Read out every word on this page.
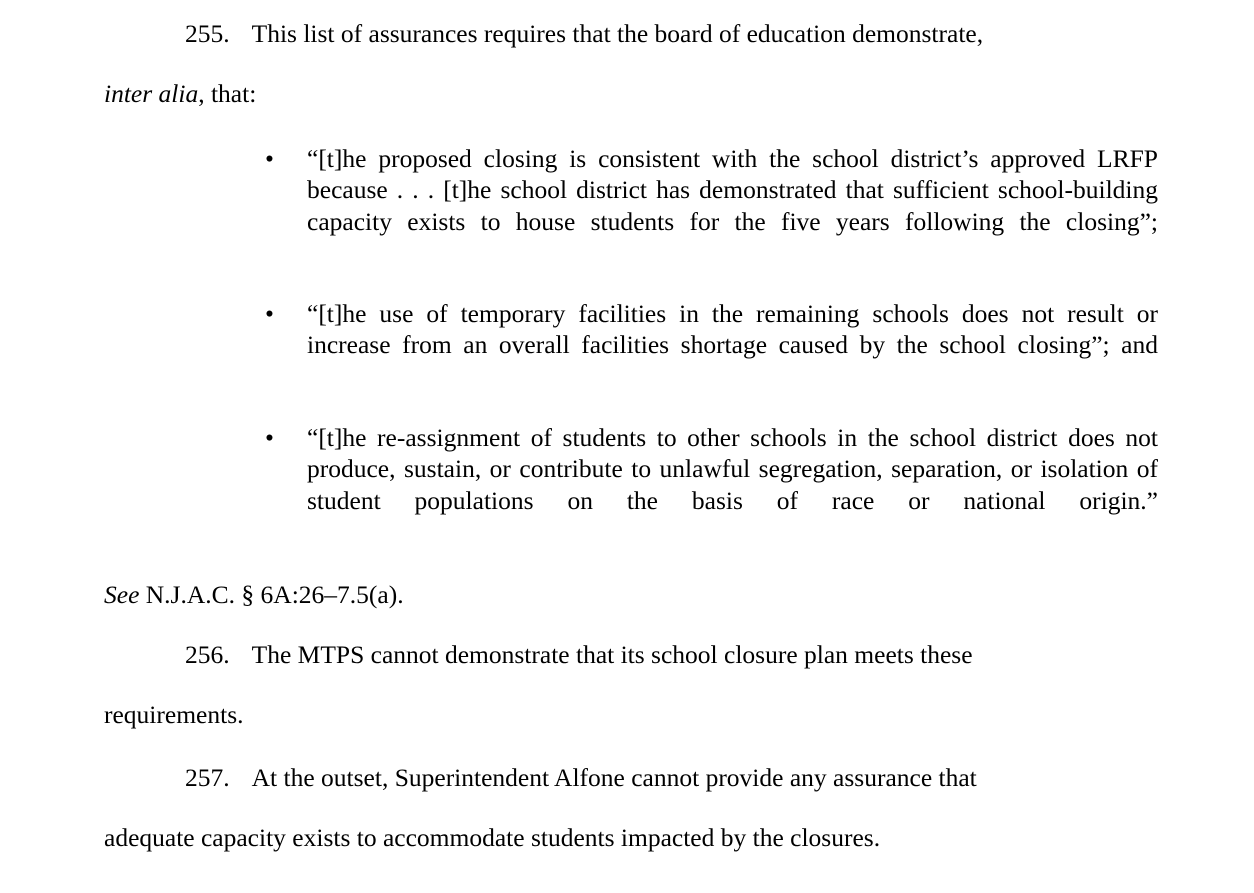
255. This list of assurances requires that the board of education demonstrate,
inter alia, that:

•	“[t]he proposed closing is consistent with the school district’s approved LRFP because . . . [t]he school district has demonstrated that sufficient school-building capacity exists to house students for the five years following the closing”;
•	“[t]he use of temporary facilities in the remaining schools does not result or increase from an overall facilities shortage caused by the school closing”; and
•	“[t]he re-assignment of students to other schools in the school district does not produce, sustain, or contribute to unlawful segregation, separation, or isolation of student populations on the basis of race or national origin.”
See N.J.A.C. § 6A:26–7.5(a).

256. The MTPS cannot demonstrate that its school closure plan meets these
requirements.

257. At the outset, Superintendent Alfone cannot provide any assurance that
adequate capacity exists to accommodate students impacted by the closures.
